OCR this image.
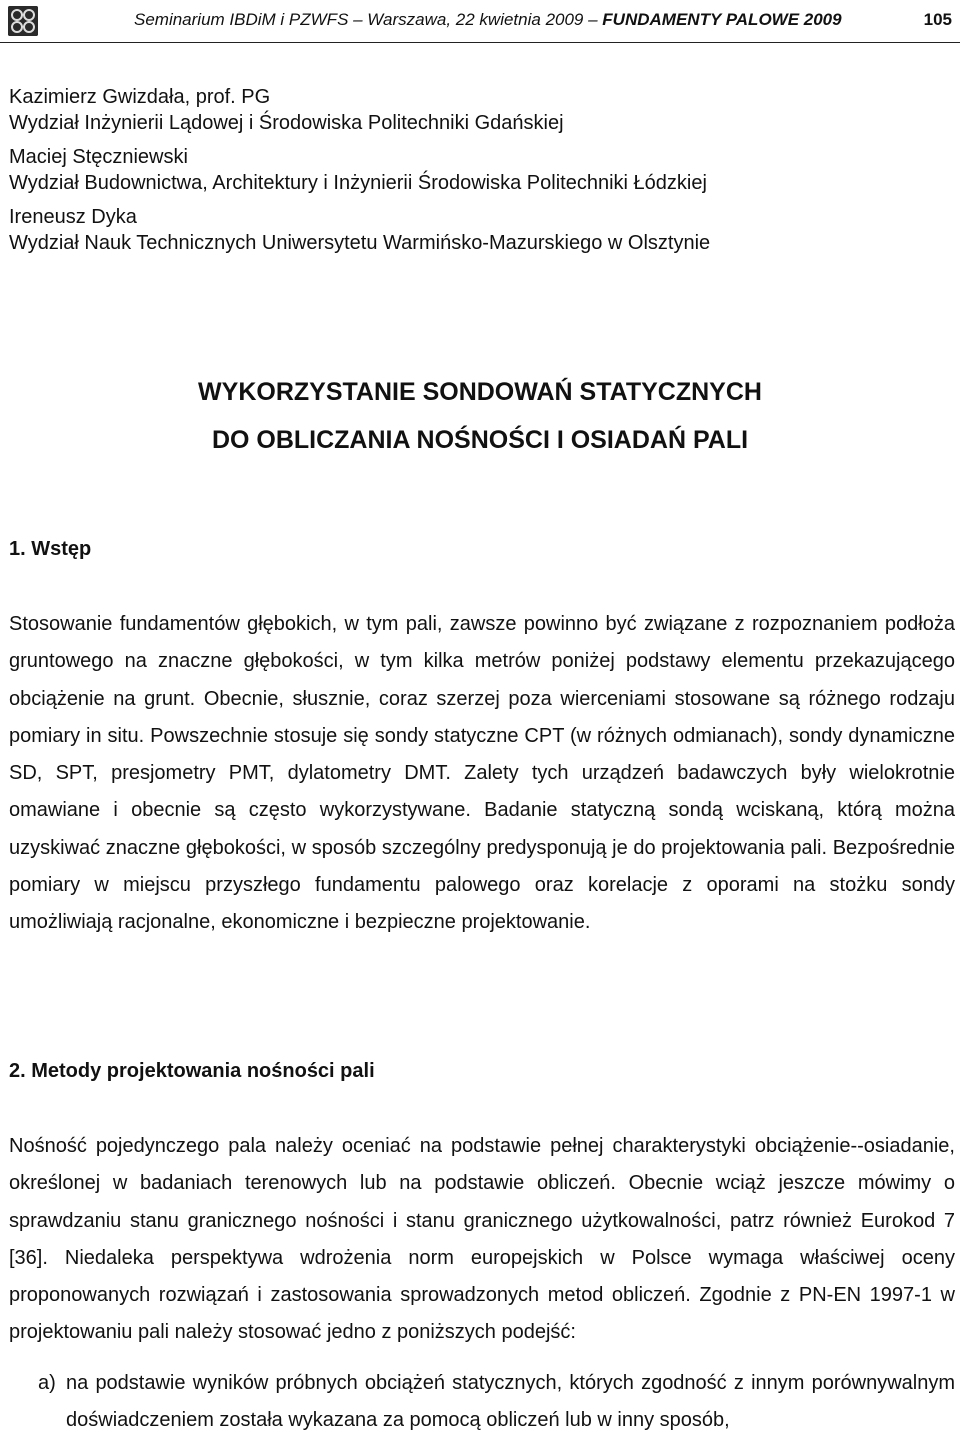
Seminarium IBDiM i PZWFS – Warszawa, 22 kwietnia 2009 – FUNDAMENTY PALOWE 2009	105
Kazimierz Gwizdała, prof. PG
Wydział Inżynierii Lądowej i Środowiska Politechniki Gdańskiej
Maciej Stęczniewski
Wydział Budownictwa, Architektury i Inżynierii Środowiska Politechniki Łódzkiej
Ireneusz Dyka
Wydział Nauk Technicznych Uniwersytetu Warmińsko-Mazurskiego w Olsztynie
WYKORZYSTANIE SONDOWAŃ STATYCZNYCH
DO OBLICZANIA NOŚNOŚCI I OSIADAŃ PALI
1. Wstęp
Stosowanie fundamentów głębokich, w tym pali, zawsze powinno być związane z rozpoznaniem podłoża gruntowego na znaczne głębokości, w tym kilka metrów poniżej podstawy elementu przekazującego obciążenie na grunt. Obecnie, słusznie, coraz szerzej poza wierceniami stosowane są różnego rodzaju pomiary in situ. Powszechnie stosuje się sondy statyczne CPT (w różnych odmianach), sondy dynamiczne SD, SPT, presjometry PMT, dylatometry DMT. Zalety tych urządzeń badawczych były wielokrotnie omawiane i obecnie są często wykorzystywane. Badanie statyczną sondą wciskaną, którą można uzyskiwać znaczne głębokości, w sposób szczególny predysponują je do projektowania pali. Bezpośrednie pomiary w miejscu przyszłego fundamentu palowego oraz korelacje z oporami na stożku sondy umożliwiają racjonalne, ekonomiczne i bezpieczne projektowanie.
2. Metody projektowania nośności pali
Nośność pojedynczego pala należy oceniać na podstawie pełnej charakterystyki obciążenie--osiadanie, określonej w badaniach terenowych lub na podstawie obliczeń. Obecnie wciąż jeszcze mówimy o sprawdzaniu stanu granicznego nośności i stanu granicznego użytkowalności, patrz również Eurokod 7 [36]. Niedaleka perspektywa wdrożenia norm europejskich w Polsce wymaga właściwej oceny proponowanych rozwiązań i zastosowania sprowadzonych metod obliczeń. Zgodnie z PN-EN 1997-1 w projektowaniu pali należy stosować jedno z poniższych podejść:
a) na podstawie wyników próbnych obciążeń statycznych, których zgodność z innym porównywalnym doświadczeniem została wykazana za pomocą obliczeń lub w inny sposób,
